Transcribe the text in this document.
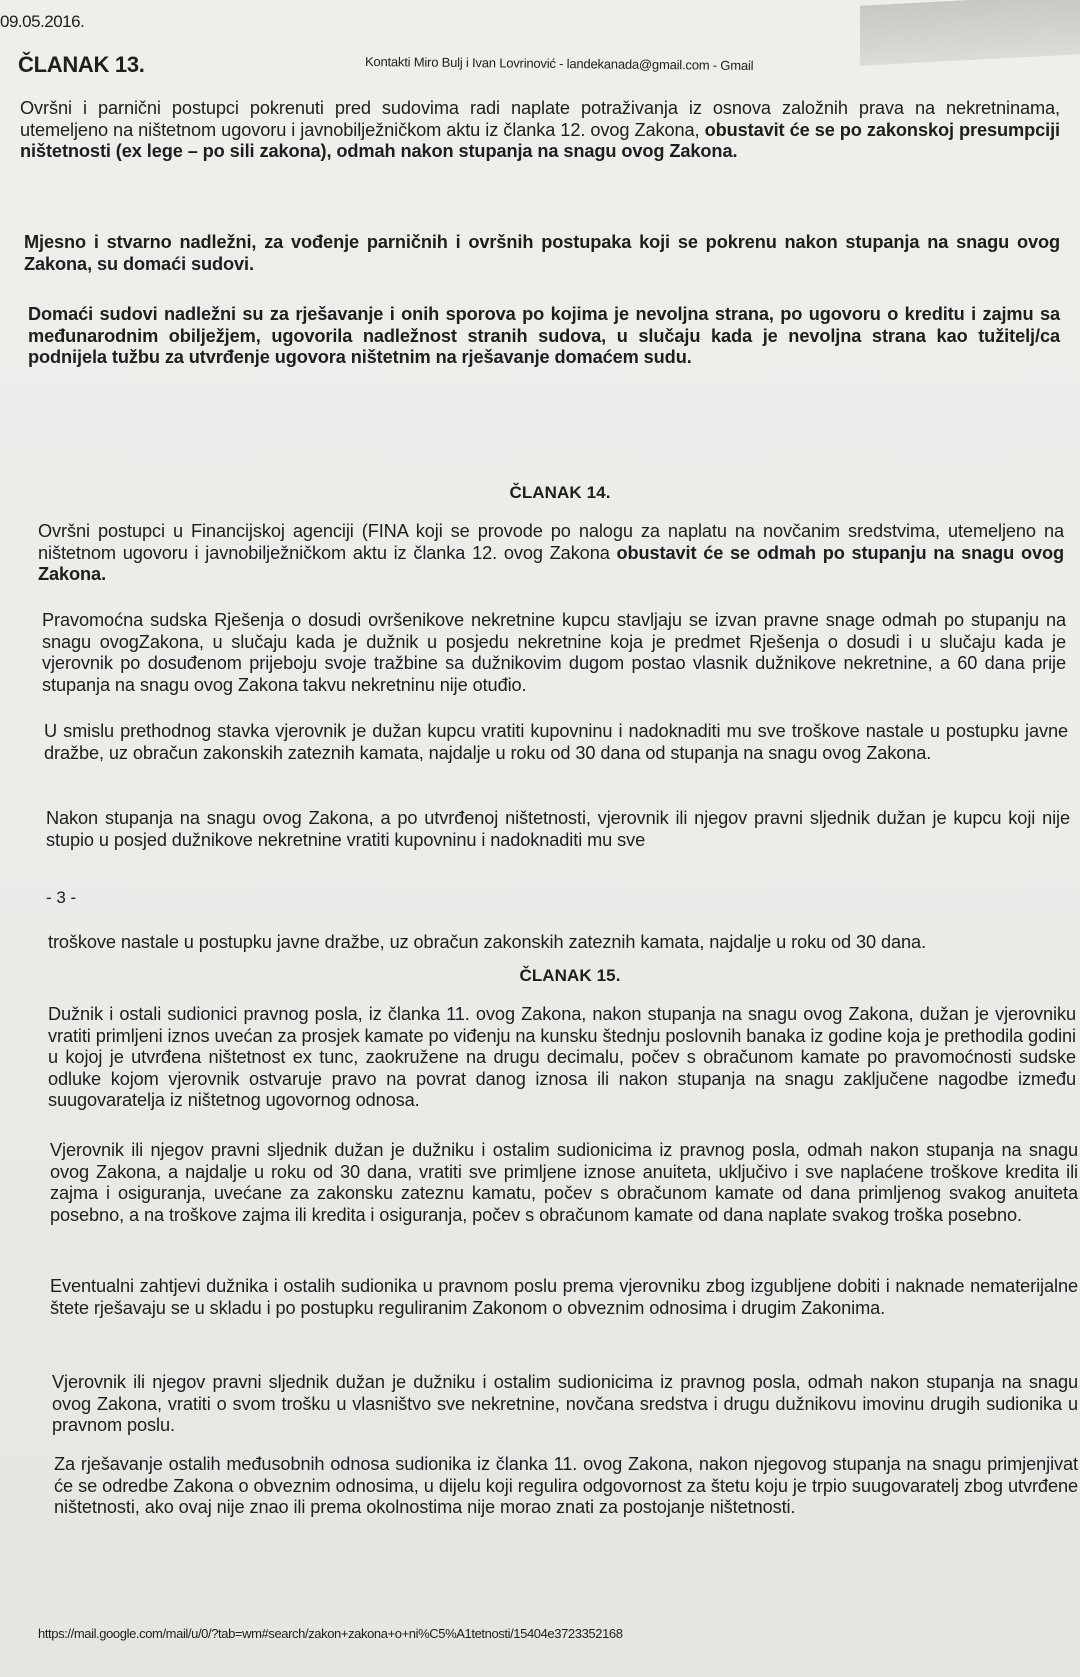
09.05.2016.
ČLANAK 13.	Kontakti Miro Bulj i Ivan Lovrinović - landekanada@gmail.com - Gmail
Ovršni i parnični postupci pokrenuti pred sudovima radi naplate potraživanja iz osnova založnih prava na nekretninama, utemeljeno na ništetnom ugovoru i javnobilježničkom aktu iz članka 12. ovog Zakona, obustavit će se po zakonskoj presumpciji ništetnosti (ex lege – po sili zakona), odmah nakon stupanja na snagu ovog Zakona.
Mjesno i stvarno nadležni, za vođenje parničnih i ovršnih postupaka koji se pokrenu nakon stupanja na snagu ovog Zakona, su domaći sudovi.
Domaći sudovi nadležni su za rješavanje i onih sporova po kojima je nevoljna strana, po ugovoru o kreditu i zajmu sa međunarodnim obilježjem, ugovorila nadležnost stranih sudova, u slučaju kada je nevoljna strana kao tužitelj/ca podnijela tužbu za utvrđenje ugovora ništetnim na rješavanje domaćem sudu.
ČLANAK 14.
Ovršni postupci u Financijskoj agenciji (FINA koji se provode po nalogu za naplatu na novčanim sredstvima, utemeljeno na ništetnom ugovoru i javnobilježničkom aktu iz članka 12. ovog Zakona obustavit će se odmah po stupanju na snagu ovog Zakona.
Pravomoćna sudska Rješenja o dosudi ovršenikove nekretnine kupcu stavljaju se izvan pravne snage odmah po stupanju na snagu ovogZakona, u slučaju kada je dužnik u posjedu nekretnine koja je predmet Rješenja o dosudi i u slučaju kada je vjerovnik po dosuđenom prijeboju svoje tražbine sa dužnikovim dugom postao vlasnik dužnikove nekretnine, a 60 dana prije stupanja na snagu ovog Zakona takvu nekretninu nije otuđio.
U smislu prethodnog stavka vjerovnik je dužan kupcu vratiti kupovninu i nadoknaditi mu sve troškove nastale u postupku javne dražbe, uz obračun zakonskih zateznih kamata, najdalje u roku od 30 dana od stupanja na snagu ovog Zakona.
Nakon stupanja na snagu ovog Zakona, a po utvrđenoj ništetnosti, vjerovnik ili njegov pravni sljednik dužan je kupcu koji nije stupio u posjed dužnikove nekretnine vratiti kupovninu i nadoknaditi mu sve
- 3 -
troškove nastale u postupku javne dražbe, uz obračun zakonskih zateznih kamata, najdalje u roku od 30 dana.
ČLANAK 15.
Dužnik i ostali sudionici pravnog posla, iz članka 11. ovog Zakona, nakon stupanja na snagu ovog Zakona, dužan je vjerovniku vratiti primljeni iznos uvećan za prosjek kamate po viđenju na kunsku štednju poslovnih banaka iz godine koja je prethodila godini u kojoj je utvrđena ništetnost ex tunc, zaokružene na drugu decimalu, počev s obračunom kamate po pravomoćnosti sudske odluke kojom vjerovnik ostvaruje pravo na povrat danog iznosa ili nakon stupanja na snagu zaključene nagodbe između suugovaratelja iz ništetnog ugovornog odnosa.
Vjerovnik ili njegov pravni sljednik dužan je dužniku i ostalim sudionicima iz pravnog posla, odmah nakon stupanja na snagu ovog Zakona, a najdalje u roku od 30 dana, vratiti sve primljene iznose anuiteta, uključivo i sve naplaćene troškove kredita ili zajma i osiguranja, uvećane za zakonsku zateznu kamatu, počev s obračunom kamate od dana primljenog svakog anuiteta posebno, a na troškove zajma ili kredita i osiguranja, počev s obračunom kamate od dana naplate svakog troška posebno.
Eventualni zahtjevi dužnika i ostalih sudionika u pravnom poslu prema vjerovniku zbog izgubljene dobiti i naknade nematerijalne štete rješavaju se u skladu i po postupku reguliranim Zakonom o obveznim odnosima i drugim Zakonima.
Vjerovnik ili njegov pravni sljednik dužan je dužniku i ostalim sudionicima iz pravnog posla, odmah nakon stupanja na snagu ovog Zakona, vratiti o svom trošku u vlasništvo sve nekretnine, novčana sredstva i drugu dužnikovu imovinu drugih sudionika u pravnom poslu.
Za rješavanje ostalih međusobnih odnosa sudionika iz članka 11. ovog Zakona, nakon njegovog stupanja na snagu primjenjivat će se odredbe Zakona o obveznim odnosima, u dijelu koji regulira odgovornost za štetu koju je trpio suugovaratelj zbog utvrđene ništetnosti, ako ovaj nije znao ili prema okolnostima nije morao znati za postojanje ništetnosti.
https://mail.google.com/mail/u/0/?tab=wm#search/zakon+zakona+o+ni%C5%A1tetnosti/15404e3723352168
